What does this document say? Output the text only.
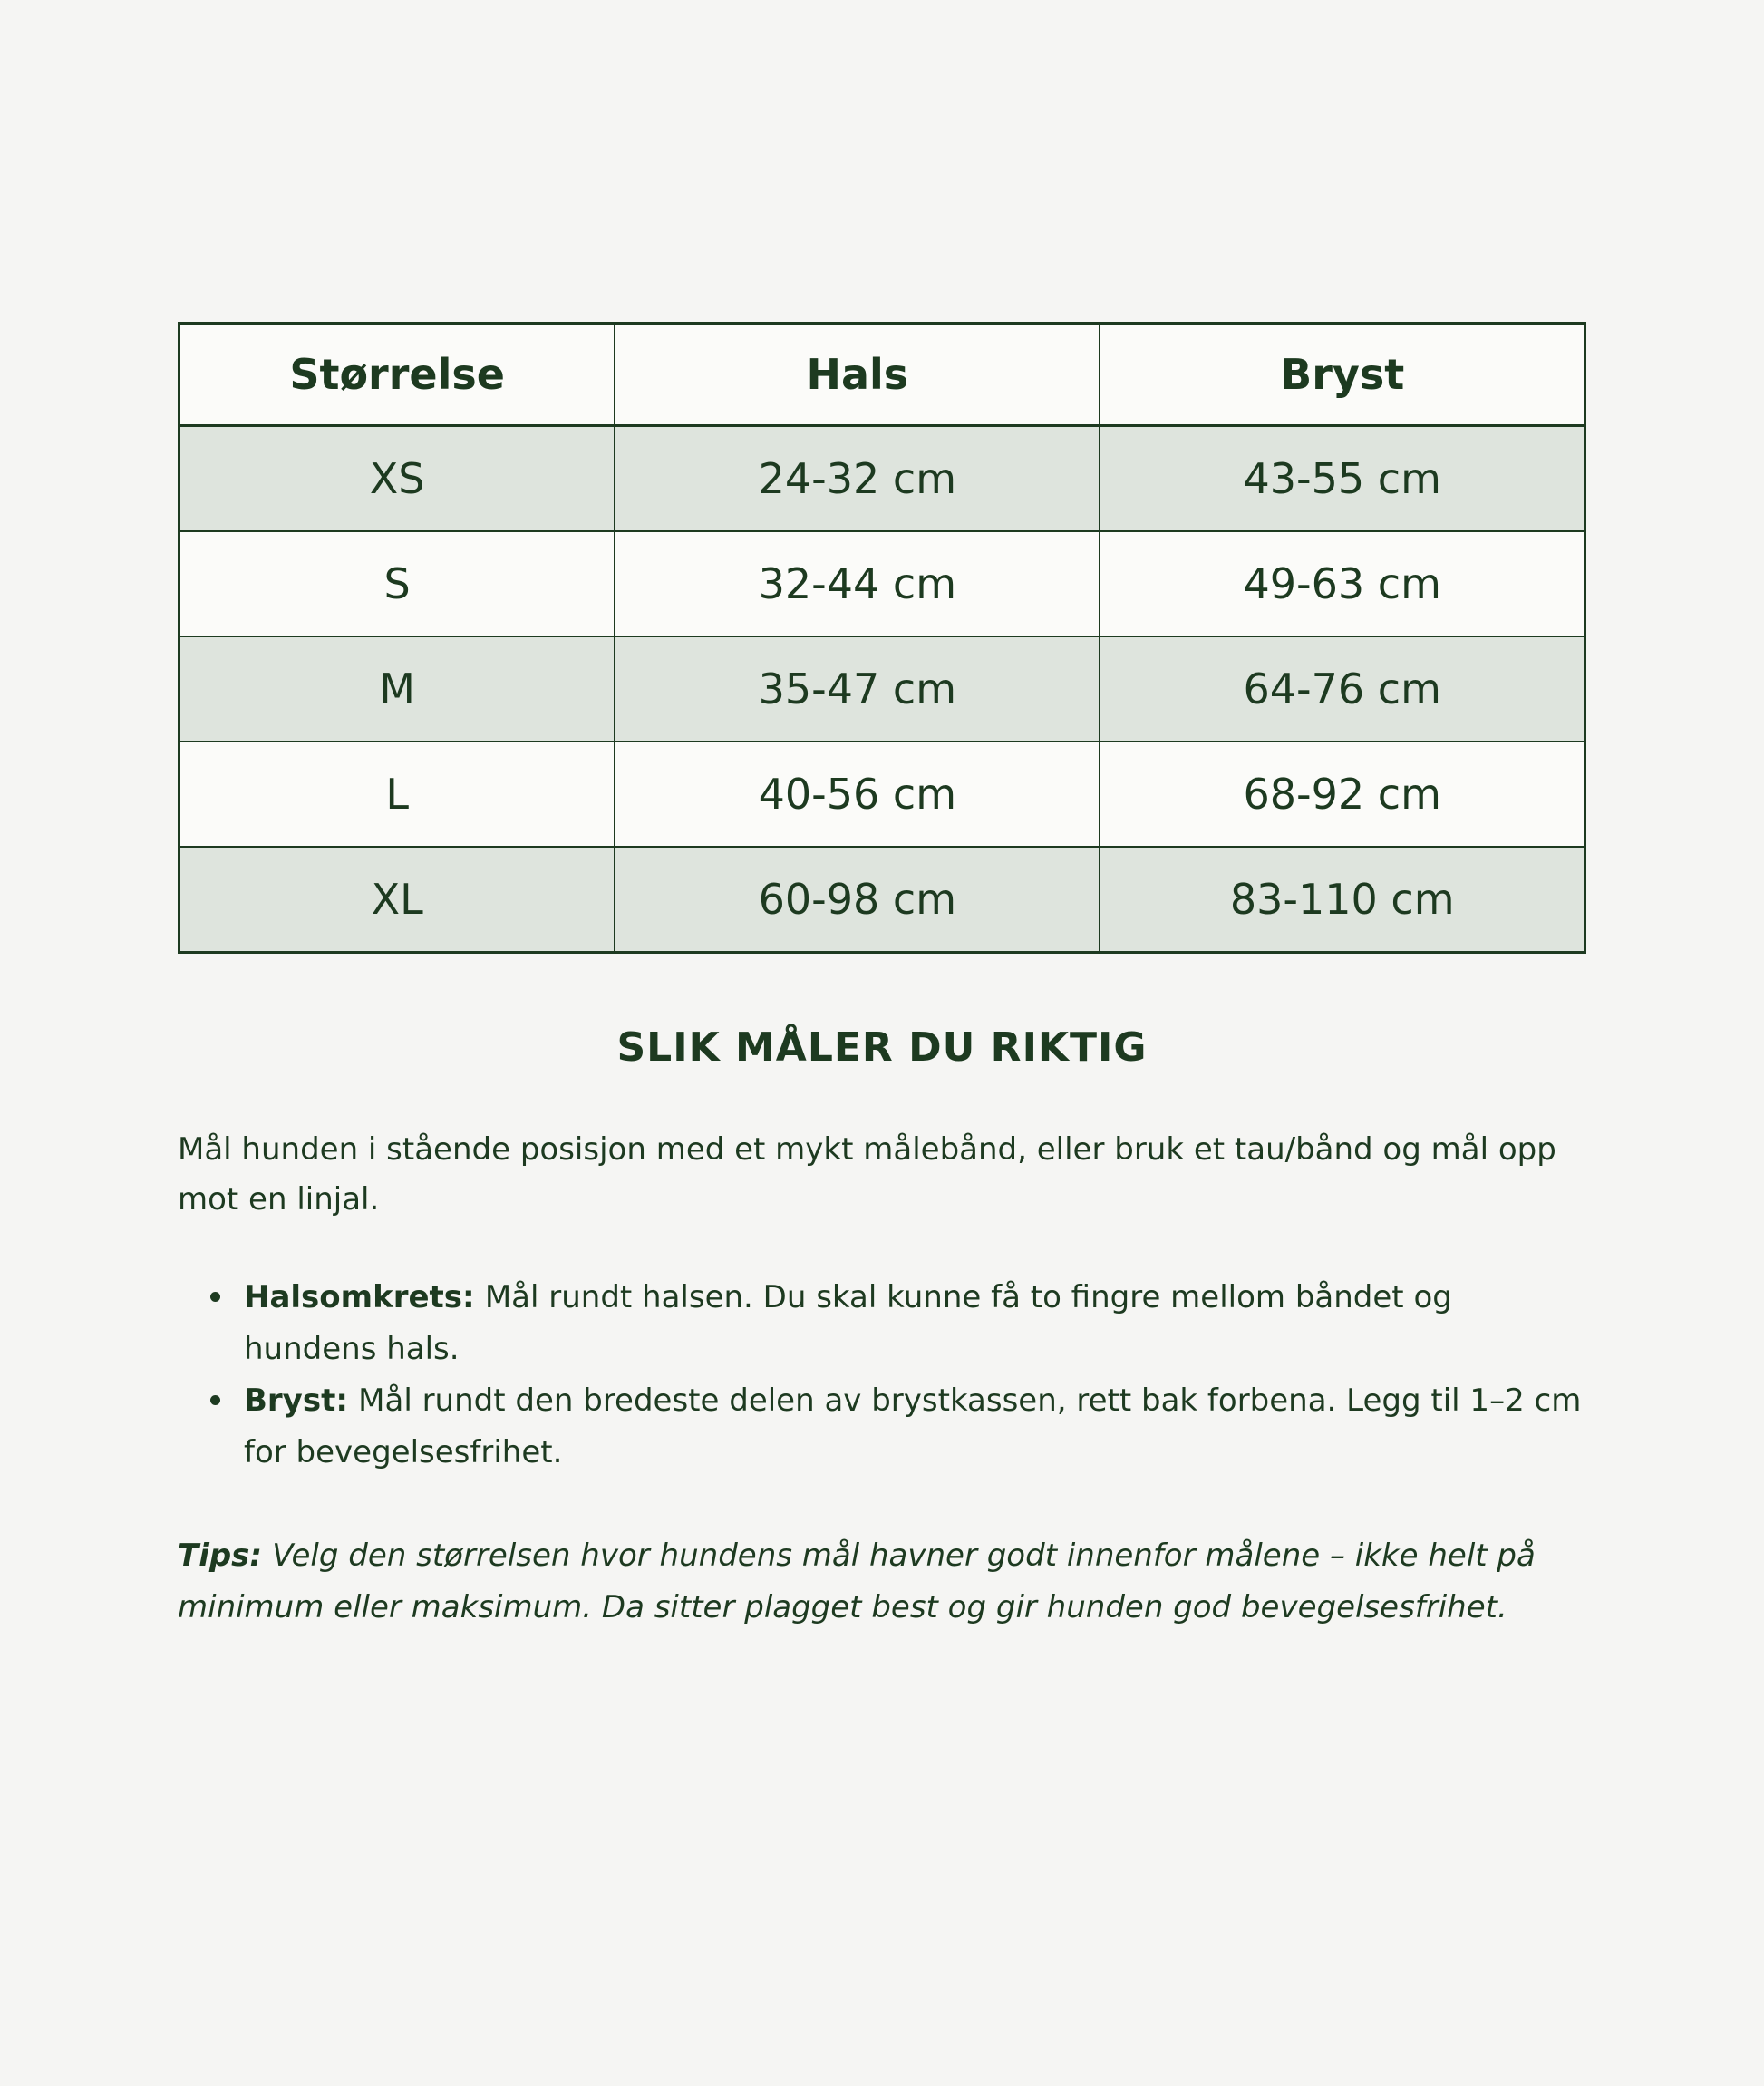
Størrelse	Hals	Bryst
XS	24-32 cm	43-55 cm
S	32-44 cm	49-63 cm
M	35-47 cm	64-76 cm
L	40-56 cm	68-92 cm
XL	60-98 cm	83-110 cm
SLIK MÅLER DU RIKTIG

Mål hunden i stående posisjon med et mykt målebånd, eller bruk et tau/bånd og mål opp mot en linjal.

Halsomkrets: Mål rundt halsen. Du skal kunne få to fingre mellom båndet og hundens hals.
Bryst: Mål rundt den bredeste delen av brystkassen, rett bak forbena. Legg til 1–2 cm for bevegelsesfrihet.

Tips: Velg den størrelsen hvor hundens mål havner godt innenfor målene – ikke helt på minimum eller maksimum. Da sitter plagget best og gir hunden god bevegelsesfrihet.
